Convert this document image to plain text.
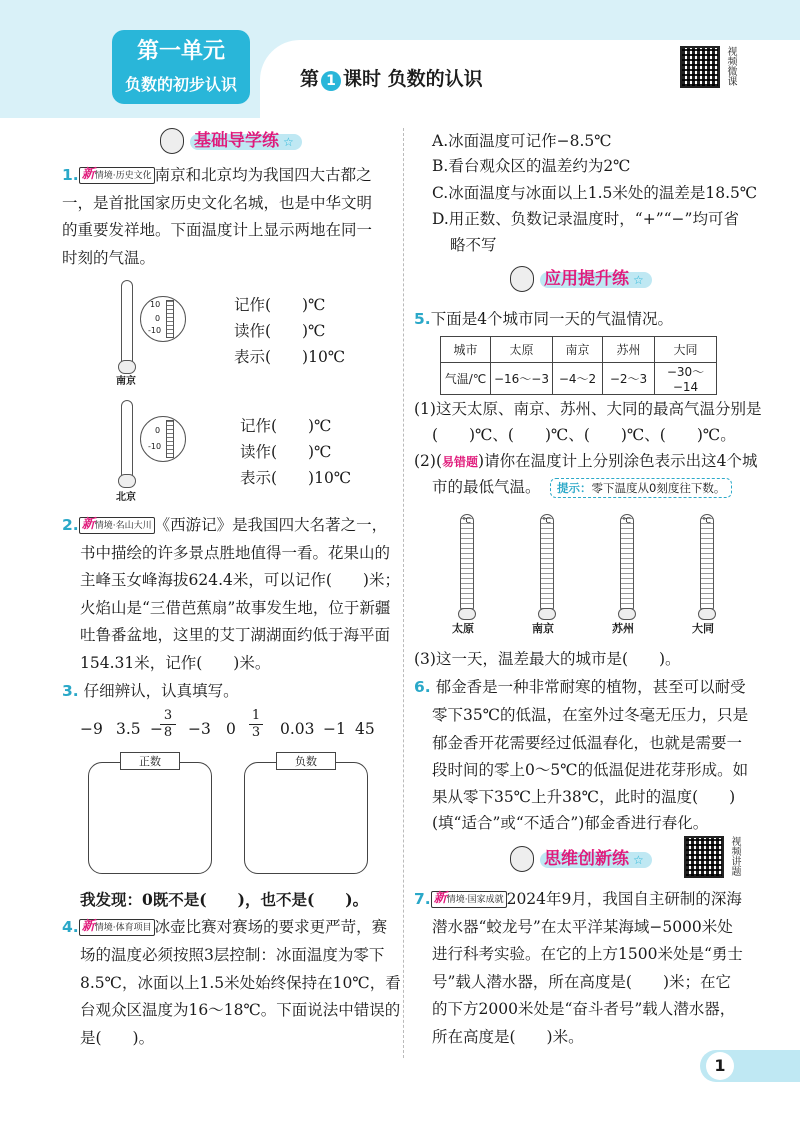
第一单元
负数的初步认识	第 1 课时 负数的认识	视频微课
基础导学练 ☆
1. 新情境·历史文化 南京和北京均为我国四大古都之
一，是首批国家历史文化名城，也是中华文明
的重要发祥地。下面温度计上显示两地在同一
时刻的气温。
10
0
-10
南京
记作(　　)℃
读作(　　)℃
表示(　　)10℃
0
-10
北京
记作(　　)℃
读作(　　)℃
表示(　　)10℃
2. 新情境·名山大川 《西游记》是我国四大名著之一，
书中描绘的许多景点胜地值得一看。花果山的
主峰玉女峰海拔624.4米，可以记作(　　)米；
火焰山是“三借芭蕉扇”故事发生地，位于新疆
吐鲁番盆地，这里的艾丁湖湖面约低于海平面
154.31米，记作(　　)米。
3. 仔细辨认，认真填写。
−9 3.5 −
$\frac{3}{8} -3$ $0 \frac{1}{3} 0.03 -1$ 45
正数	负数
我发现：0既不是(　　)，也不是(　　)。
4. 新情境·体育项目 冰壶比赛对赛场的要求更严苛，赛
场的温度必须按照3层控制：冰面温度为零下
8.5℃，冰面以上1.5米处始终保持在10℃，看
台观众区温度为16～18℃。下面说法中错误的
是(　　)。
A.冰面温度可记作−8.5℃
B.看台观众区的温差约为2℃
C.冰面温度与冰面以上1.5米处的温差是18.5℃
D.用正数、负数记录温度时，“+”“−”均可省
略不写
应用提升练 ☆
5.下面是4个城市同一天的气温情况。
城市	太原	南京	苏州	大同
气温/℃	−16～−3	−4～2	−2～3	−30～−14
(1)这天太原、南京、苏州、大同的最高气温分别是
(　　)℃、(　　)℃、(　　)℃、(　　)℃。
(2)(易错题)请你在温度计上分别涂色表示出这4个城
市的最低气温。	提示：零下温度从0刻度往下数。
℃
太原
℃
南京
℃
苏州
℃
大同
(3)这一天，温差最大的城市是(　　)。
6. 郁金香是一种非常耐寒的植物，甚至可以耐受
零下35℃的低温，在室外过冬毫无压力，只是
郁金香开花需要经过低温春化，也就是需要一
段时间的零上0～5℃的低温促进花芽形成。如
果从零下35℃上升38℃，此时的温度(　　)
(填“适合”或“不适合”)郁金香进行春化。
思维创新练 ☆	视频讲题
7. 新情境·国家成就 2024年9月，我国自主研制的深海
潜水器“蛟龙号”在太平洋某海域−5000米处
进行科考实验。在它的上方1500米处是“勇士
号”载人潜水器，所在高度是(　　)米；在它
的下方2000米处是“奋斗者号”载人潜水器，
所在高度是(　　)米。
1
